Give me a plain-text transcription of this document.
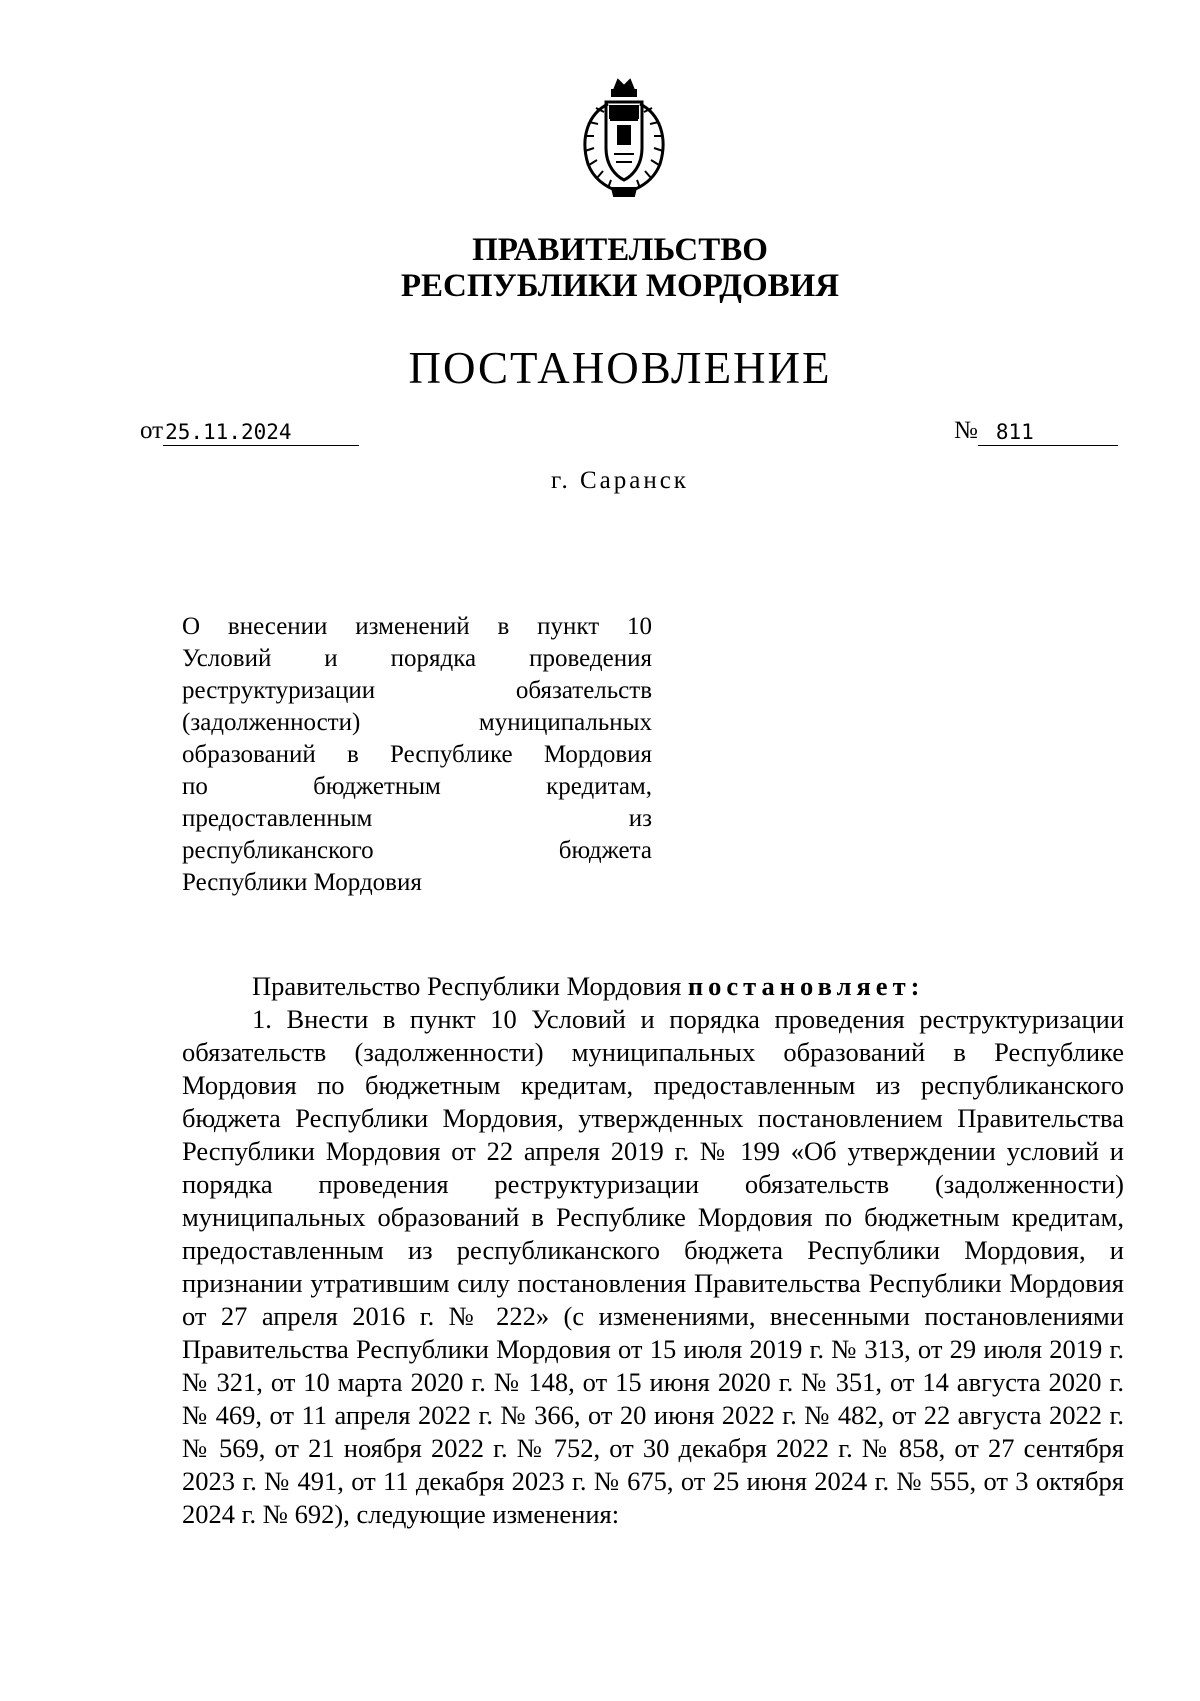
ПРАВИТЕЛЬСТВО
РЕСПУБЛИКИ МОРДОВИЯ
ПОСТАНОВЛЕНИЕ
от25.11.2024	№ 811
г. Саранск
О внесении изменений в пункт 10
Условий и порядка проведения
реструктуризации обязательств
(задолженности) муниципальных
образований в Республике Мордовия
по бюджетным кредитам,
предоставленным из
республиканского бюджета
Республики Мордовия

Правительство Республики Мордовия постановляет:

1. Внести в пункт 10 Условий и порядка проведения реструктуризации обязательств (задолженности) муниципальных образований в Республике Мордовия по бюджетным кредитам, предоставленным из республиканского бюджета Республики Мордовия, утвержденных постановлением Правительства Республики Мордовия от 22 апреля 2019 г. № 199 «Об утверждении условий и порядка проведения реструктуризации обязательств (задолженности) муниципальных образований в Республике Мордовия по бюджетным кредитам, предоставленным из республиканского бюджета Республики Мордовия, и признании утратившим силу постановления Правительства Республики Мордовия от 27 апреля 2016 г. № 222» (с изменениями, внесенными постановлениями Правительства Республики Мордовия от 15 июля 2019 г. № 313, от 29 июля 2019 г. № 321, от 10 марта 2020 г. № 148, от 15 июня 2020 г. № 351, от 14 августа 2020 г. № 469, от 11 апреля 2022 г. № 366, от 20 июня 2022 г. № 482, от 22 августа 2022 г. № 569, от 21 ноября 2022 г. № 752, от 30 декабря 2022 г. № 858, от 27 сентября 2023 г. № 491, от 11 декабря 2023 г. № 675, от 25 июня 2024 г. № 555, от 3 октября 2024 г. № 692), следующие изменения:
